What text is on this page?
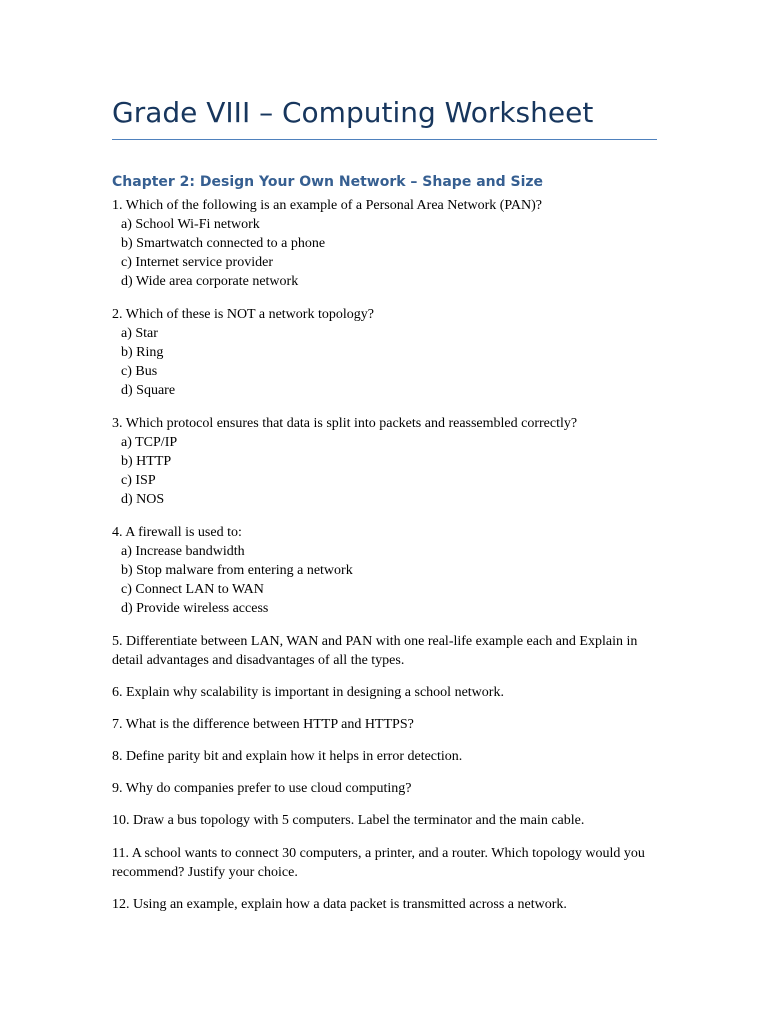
Grade VIII – Computing Worksheet
Chapter 2: Design Your Own Network – Shape and Size

1. Which of the following is an example of a Personal Area Network (PAN)?

a) School Wi-Fi network

b) Smartwatch connected to a phone

c) Internet service provider

d) Wide area corporate network

2. Which of these is NOT a network topology?

a) Star

b) Ring

c) Bus

d) Square

3. Which protocol ensures that data is split into packets and reassembled correctly?

a) TCP/IP

b) HTTP

c) ISP

d) NOS

4. A firewall is used to:

a) Increase bandwidth

b) Stop malware from entering a network

c) Connect LAN to WAN

d) Provide wireless access

5. Differentiate between LAN, WAN and PAN with one real-life example each and Explain in detail advantages and disadvantages of all the types.

6. Explain why scalability is important in designing a school network.

7. What is the difference between HTTP and HTTPS?

8. Define parity bit and explain how it helps in error detection.

9. Why do companies prefer to use cloud computing?

10. Draw a bus topology with 5 computers. Label the terminator and the main cable.

11. A school wants to connect 30 computers, a printer, and a router. Which topology would you recommend? Justify your choice.

12. Using an example, explain how a data packet is transmitted across a network.
